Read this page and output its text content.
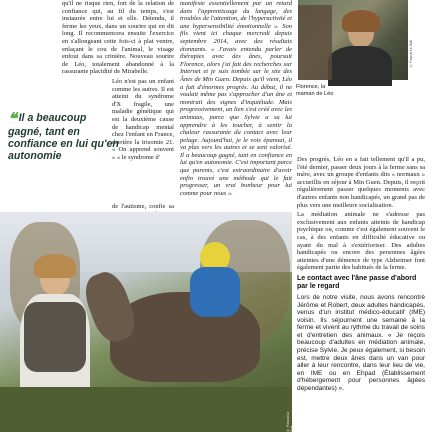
qu'il ne risque rien, fort de la relation de confiance qui, au fil du temps, s'est instaurée entre lui et elle. Détendu, il ferme les yeux, dans un sourire qui en dit long. Il recommencera ensuite l'exercice en s'allongeant cette fois-ci à plat ventre, enlaçant le cou de l'animal, le visage enfoui dans sa crinière. Nouveau sourire de Léo, totalement abandonné à la rassurante placidité de Mirabelle.

Léo n'est pas un enfant comme les autres. Il est atteint du syndrome d'X fragile, une maladie génétique qui est la deuxième cause de handicap mental chez l'enfant en France, derrière la trisomie 21. « On apprend souvent » « le syndrome d'

de l'autisme, confie sa

❝ Il a beaucoup gagné, tant en confiance en lui qu'en autonomie

manifeste essentiellement par un retard dans l'apprentissage du langage, des troubles de l'attention, de l'hyperactivité et une hypersensibilité émotionnelle ». Son fils vient ici chaque mercredi depuis septembre 2014, avec des résultats étonnants. « J'avais entendu parler de thérapies avec des ânes, poursuit Florence, alors j'ai fait des recherches sur Internet et je suis tombée sur le site des Ânes de Min Guen. Depuis qu'il vient, Léo a fait d'énormes progrès. Au début, il ne voulait même pas s'approcher d'un âne et montrait des signes d'inquiétude. Mais progressivement, un lien s'est créé avec les animaux, parce que Sylvie a su lui apprendre à les toucher, à sentir la chaleur rassurante du contact avec leur pelage. Aujourd'hui, je le vois épanoui, il va plus vers les autres et se sent valorisé. Il a beaucoup gagné, tant en confiance en lui qu'en autonomie. C'est important parce que parents, c'est extraordinaire d'avoir enfin trouvé une méthode qui le fait progresser, un vrai bonheur pour lui comme pour nous ».

© Pascal Le Gall
Florence, la maman de Léo

Des progrès, Léo en a fait tellement qu'il a pu, l'été dernier, passer deux jours à la ferme sans sa mère, avec un groupe d'enfants dits « normaux » accueillis en séjour à Min Guen. Depuis, il reçoit régulièrement passer quelques moments avec d'autres enfants non handicapés, un grand pas de plus vers une meilleure socialisation.

La médiation animale ne s'adresse pas exclusivement aux enfants atteints de handicap psychique ou, comme c'est également souvent le cas, à des enfants en difficulté éducative ou ayant du mal à s'extérioriser. Des adultes handicapés ou encore des personnes âgées atteintes d'une démence de type Alzheimer font également partie des habitués de la ferme.

Le contact avec l'âne passe d'abord par le regard

Lors de notre visite, nous avons rencontré Jérôme et Robert, deux adultes handicapés, venus d'un institut médico-éducatif (IME) voisin. Ils séjournent une semaine à la ferme et vivent au rythme du travail de soins et d'entretien des animaux. « Je reçois beaucoup d'adultes en médiation animale, précise Sylvie. Je peux également, si besoin est, mettre deux ânes dans un van pour aller à leur rencontre, dans leur lieu de vie, en IME ou en Ehpad (Établissement d'hébergement pour personnes âgées dépendantes) ».

© Pascal Le Gall
